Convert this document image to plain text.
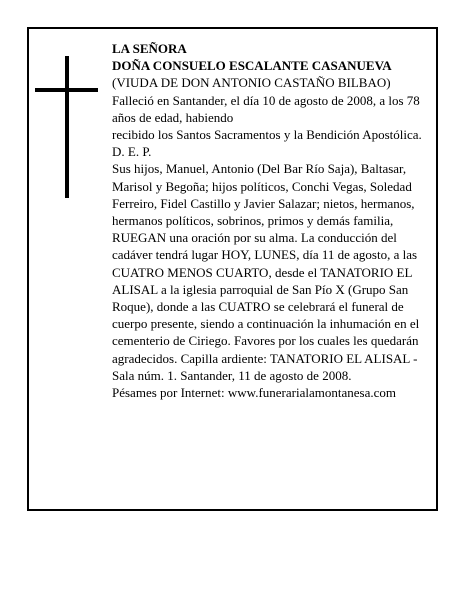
LA SEÑORA
DOÑA CONSUELO ESCALANTE CASANUEVA
(VIUDA DE DON ANTONIO CASTAÑO BILBAO)
Falleció en Santander, el día 10 de agosto de 2008, a los 78 años de edad, habiendo
recibido los Santos Sacramentos y la Bendición Apostólica.
D. E. P.
Sus hijos, Manuel, Antonio (Del Bar Río Saja), Baltasar, Marisol y Begoña; hijos políticos, Conchi Vegas, Soledad Ferreiro, Fidel Castillo y Javier Salazar; nietos, hermanos, hermanos políticos, sobrinos, primos y demás familia,
RUEGAN una oración por su alma. La conducción del cadáver tendrá lugar HOY, LUNES, día 11 de agosto, a las CUATRO MENOS CUARTO, desde el TANATORIO EL ALISAL a la iglesia parroquial de San Pío X (Grupo San Roque), donde a las CUATRO se celebrará el funeral de cuerpo presente, siendo a continuación la inhumación en el cementerio de Ciriego. Favores por los cuales les quedarán agradecidos. Capilla ardiente: TANATORIO EL ALISAL - Sala núm. 1. Santander, 11 de agosto de 2008.
Pésames por Internet: www.funerarialamontanesa.com
